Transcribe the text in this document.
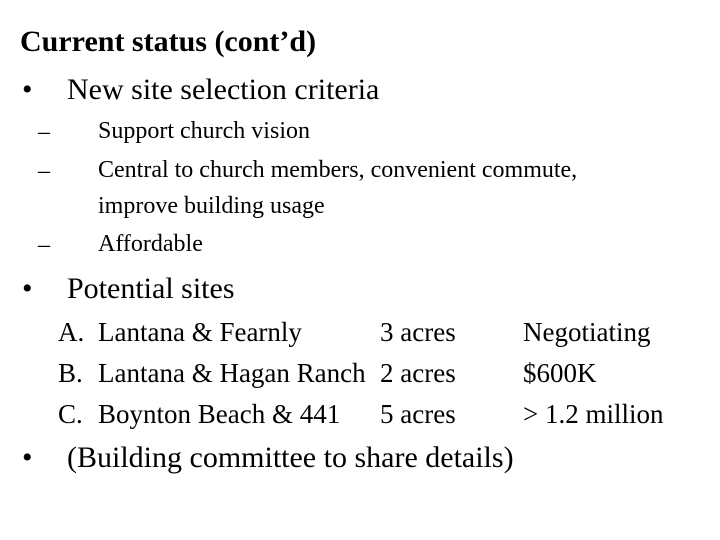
Current status (cont’d)
• New site selection criteria
– Support church vision
– Central to church members, convenient commute,
improve building usage
– Affordable
• Potential sites
A. Lantana & Fearnly	3 acres Negotiating
B. Lantana & Hagan Ranch 2 acres $600K
C. Boynton Beach & 441 5 acres > 1.2 million
• (Building committee to share details)
